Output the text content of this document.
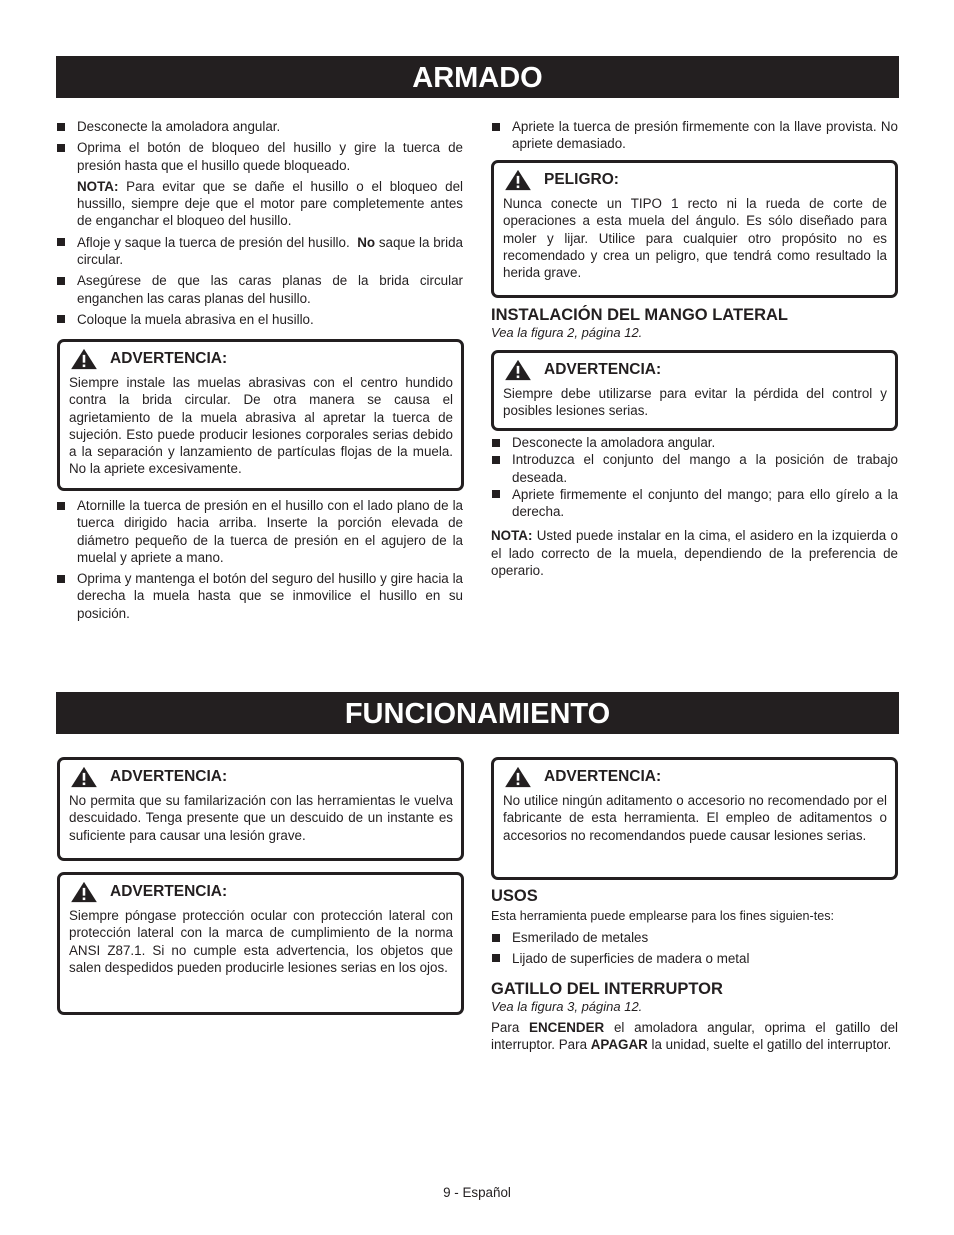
ARMADO
Desconecte la amoladora angular.
Oprima el botón de bloqueo del husillo y gire la tuerca de presión hasta que el husillo quede bloqueado.
NOTA: Para evitar que se dañe el husillo o el bloqueo del hussillo, siempre deje que el motor pare completemente antes de enganchar el bloqueo del husillo.
Afloje y saque la tuerca de presión del husillo. No saque la brida circular.
Asegúrese de que las caras planas de la brida circular enganchen las caras planas del husillo.
Coloque la muela abrasiva en el husillo.
ADVERTENCIA:
Siempre instale las muelas abrasivas con el centro hundido contra la brida circular. De otra manera se causa el agrietamiento de la muela abrasiva al apretar la tuerca de sujeción. Esto puede producir lesiones corporales serias debido a la separación y lanzamiento de partículas flojas de la muela. No la apriete excesivamente.
Atornille la tuerca de presión en el husillo con el lado plano de la tuerca dirigido hacia arriba. Inserte la porción elevada de diámetro pequeño de la tuerca de presión en el agujero de la muelal y apriete a mano.
Oprima y mantenga el botón del seguro del husillo y gire hacia la derecha la muela hasta que se inmovilice el husillo en su posición.
Apriete la tuerca de presión firmemente con la llave provista. No apriete demasiado.
PELIGRO:
Nunca conecte un TIPO 1 recto ni la rueda de corte de operaciones a esta muela del ángulo. Es sólo diseñado para moler y lijar. Utilice para cualquier otro propósito no es recomendado y crea un peligro, que tendrá como resultado la herida grave.
INSTALACIÓN DEL MANGO LATERAL
Vea la figura 2, página 12.
ADVERTENCIA:
Siempre debe utilizarse para evitar la pérdida del control y posibles lesiones serias.
Desconecte la amoladora angular.
Introduzca el conjunto del mango a la posición de trabajo deseada.
Apriete firmemente el conjunto del mango; para ello gírelo a la derecha.
NOTA: Usted puede instalar en la cima, el asidero en la izquierda o el lado correcto de la muela, dependiendo de la preferencia de operario.
FUNCIONAMIENTO
ADVERTENCIA:
No permita que su familarización con las herramientas le vuelva descuidado. Tenga presente que un descuido de un instante es suficiente para causar una lesión grave.
ADVERTENCIA:
Siempre póngase protección ocular con protección lateral con protección lateral con la marca de cumplimiento de la norma ANSI Z87.1. Si no cumple esta advertencia, los objetos que salen despedidos pueden producirle lesiones serias en los ojos.
ADVERTENCIA:
No utilice ningún aditamento o accesorio no recomendado por el fabricante de esta herramienta. El empleo de aditamentos o accesorios no recomendandos puede causar lesiones serias.
USOS
Esta herramienta puede emplearse para los fines siguien-tes:
Esmerilado de metales
Lijado de superficies de madera o metal
GATILLO DEL INTERRUPTOR
Vea la figura 3, página 12.
Para ENCENDER el amoladora angular, oprima el gatillo del interruptor. Para APAGAR la unidad, suelte el gatillo del interruptor.
9 - Español
